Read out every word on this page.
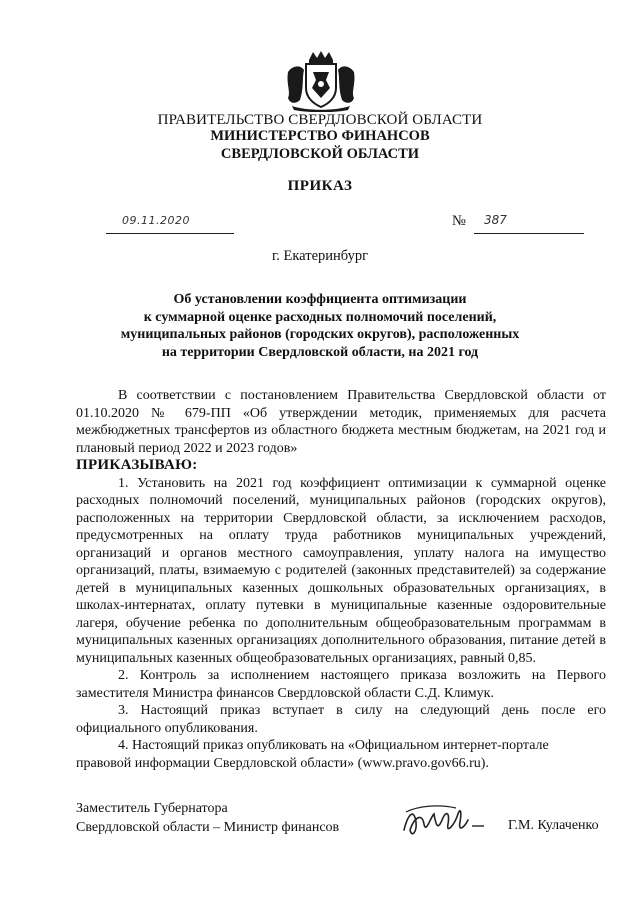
ПРАВИТЕЛЬСТВО СВЕРДЛОВСКОЙ ОБЛАСТИ

МИНИСТЕРСТВО ФИНАНСОВ

СВЕРДЛОВСКОЙ ОБЛАСТИ

ПРИКАЗ

09.11.2020	№ 387

г. Екатеринбург

Об установлении коэффициента оптимизации
к суммарной оценке расходных полномочий поселений,
муниципальных районов (городских округов), расположенных
на территории Свердловской области, на 2021 год

В соответствии с постановлением Правительства Свердловской области от 01.10.2020 № 679-ПП «Об утверждении методик, применяемых для расчета межбюджетных трансфертов из областного бюджета местным бюджетам, на 2021 год и плановый период 2022 и 2023 годов»

ПРИКАЗЫВАЮ:

1. Установить на 2021 год коэффициент оптимизации к суммарной оценке расходных полномочий поселений, муниципальных районов (городских округов), расположенных на территории Свердловской области, за исключением расходов, предусмотренных на оплату труда работников муниципальных учреждений, организаций и органов местного самоуправления, уплату налога на имущество организаций, платы, взимаемую с родителей (законных представителей) за содержание детей в муниципальных казенных дошкольных образовательных организациях, в школах-интернатах, оплату путевки в муниципальные казенные оздоровительные лагеря, обучение ребенка по дополнительным общеобразовательным программам в муниципальных казенных организациях дополнительного образования, питание детей в муниципальных казенных общеобразовательных организациях, равный 0,85.

2. Контроль за исполнением настоящего приказа возложить на Первого заместителя Министра финансов Свердловской области С.Д. Климук.

3. Настоящий приказ вступает в силу на следующий день после его официального опубликования.

4. Настоящий приказ опубликовать на «Официальном интернет-портале правовой информации Свердловской области» (www.pravo.gov66.ru).

Заместитель Губернатора
Свердловской области – Министр финансов	Г.М. Кулаченко
